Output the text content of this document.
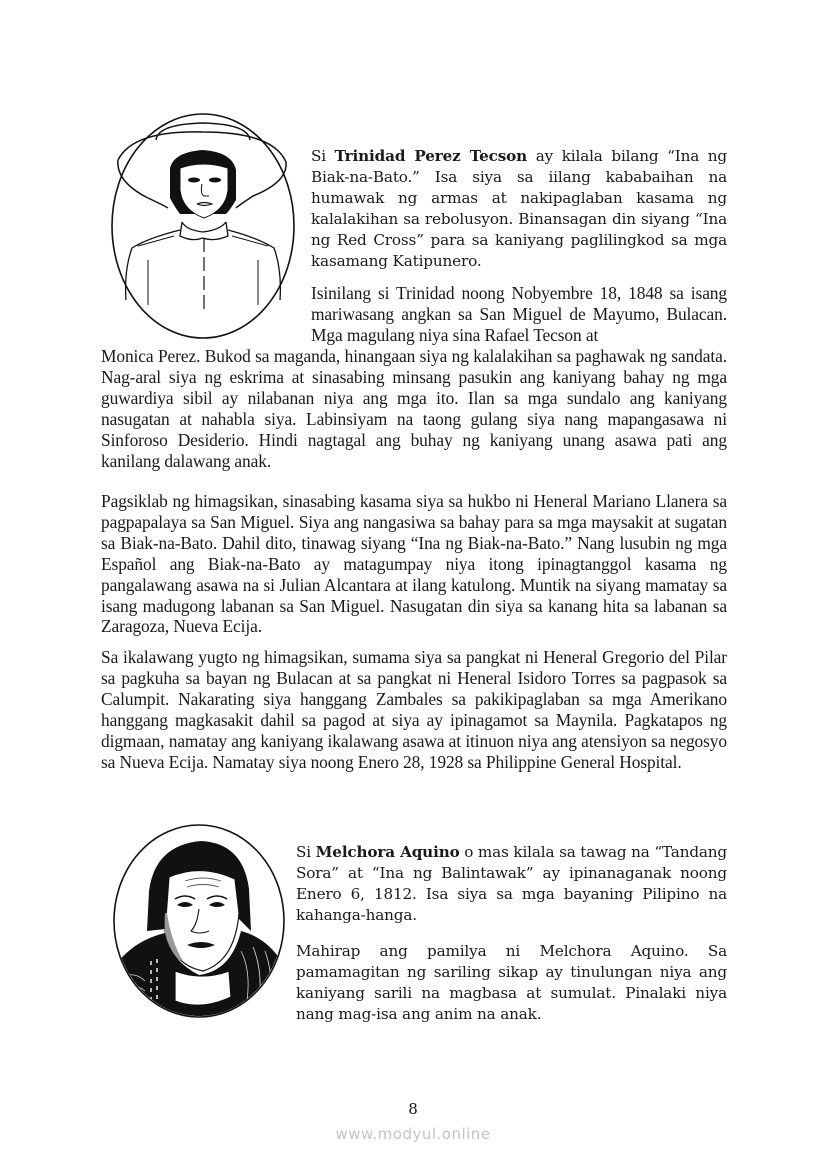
Si Trinidad Perez Tecson ay kilala bilang “Ina ng Biak-na-Bato.” Isa siya sa iilang kababaihan na humawak ng armas at nakipaglaban kasama ng kalalakihan sa rebolusyon. Binansagan din siyang “Ina ng Red Cross” para sa kaniyang paglilingkod sa mga kasamang Katipunero.

Isinilang si Trinidad noong Nobyembre 18, 1848 sa isang mariwasang angkan sa San Miguel de Mayumo, Bulacan. Mga magulang niya sina Rafael Tecson at

Monica Perez. Bukod sa maganda, hinangaan siya ng kalalakihan sa paghawak ng sandata. Nag-aral siya ng eskrima at sinasabing minsang pasukin ang kaniyang bahay ng mga guwardiya sibil ay nilabanan niya ang mga ito. Ilan sa mga sundalo ang kaniyang nasugatan at nahabla siya. Labinsiyam na taong gulang siya nang mapangasawa ni Sinforoso Desiderio. Hindi nagtagal ang buhay ng kaniyang unang asawa pati ang kanilang dalawang anak.

Pagsiklab ng himagsikan, sinasabing kasama siya sa hukbo ni Heneral Mariano Llanera sa pagpapalaya sa San Miguel. Siya ang nangasiwa sa bahay para sa mga maysakit at sugatan sa Biak-na-Bato. Dahil dito, tinawag siyang “Ina ng Biak-na-Bato.” Nang lusubin ng mga Español ang Biak-na-Bato ay matagumpay niya itong ipinagtanggol kasama ng pangalawang asawa na si Julian Alcantara at ilang katulong. Muntik na siyang mamatay sa isang madugong labanan sa San Miguel. Nasugatan din siya sa kanang hita sa labanan sa Zaragoza, Nueva Ecija.

Sa ikalawang yugto ng himagsikan, sumama siya sa pangkat ni Heneral Gregorio del Pilar sa pagkuha sa bayan ng Bulacan at sa pangkat ni Heneral Isidoro Torres sa pagpasok sa Calumpit. Nakarating siya hanggang Zambales sa pakikipaglaban sa mga Amerikano hanggang magkasakit dahil sa pagod at siya ay ipinagamot sa Maynila. Pagkatapos ng digmaan, namatay ang kaniyang ikalawang asawa at itinuon niya ang atensiyon sa negosyo sa Nueva Ecija. Namatay siya noong Enero 28, 1928 sa Philippine General Hospital.

Si Melchora Aquino o mas kilala sa tawag na “Tandang Sora” at “Ina ng Balintawak” ay ipinanaganak noong Enero 6, 1812. Isa siya sa mga bayaning Pilipino na kahanga-hanga.

Mahirap ang pamilya ni Melchora Aquino. Sa pamamagitan ng sariling sikap ay tinulungan niya ang kaniyang sarili na magbasa at sumulat. Pinalaki niya nang mag-isa ang anim na anak.

8

www.modyul.online
